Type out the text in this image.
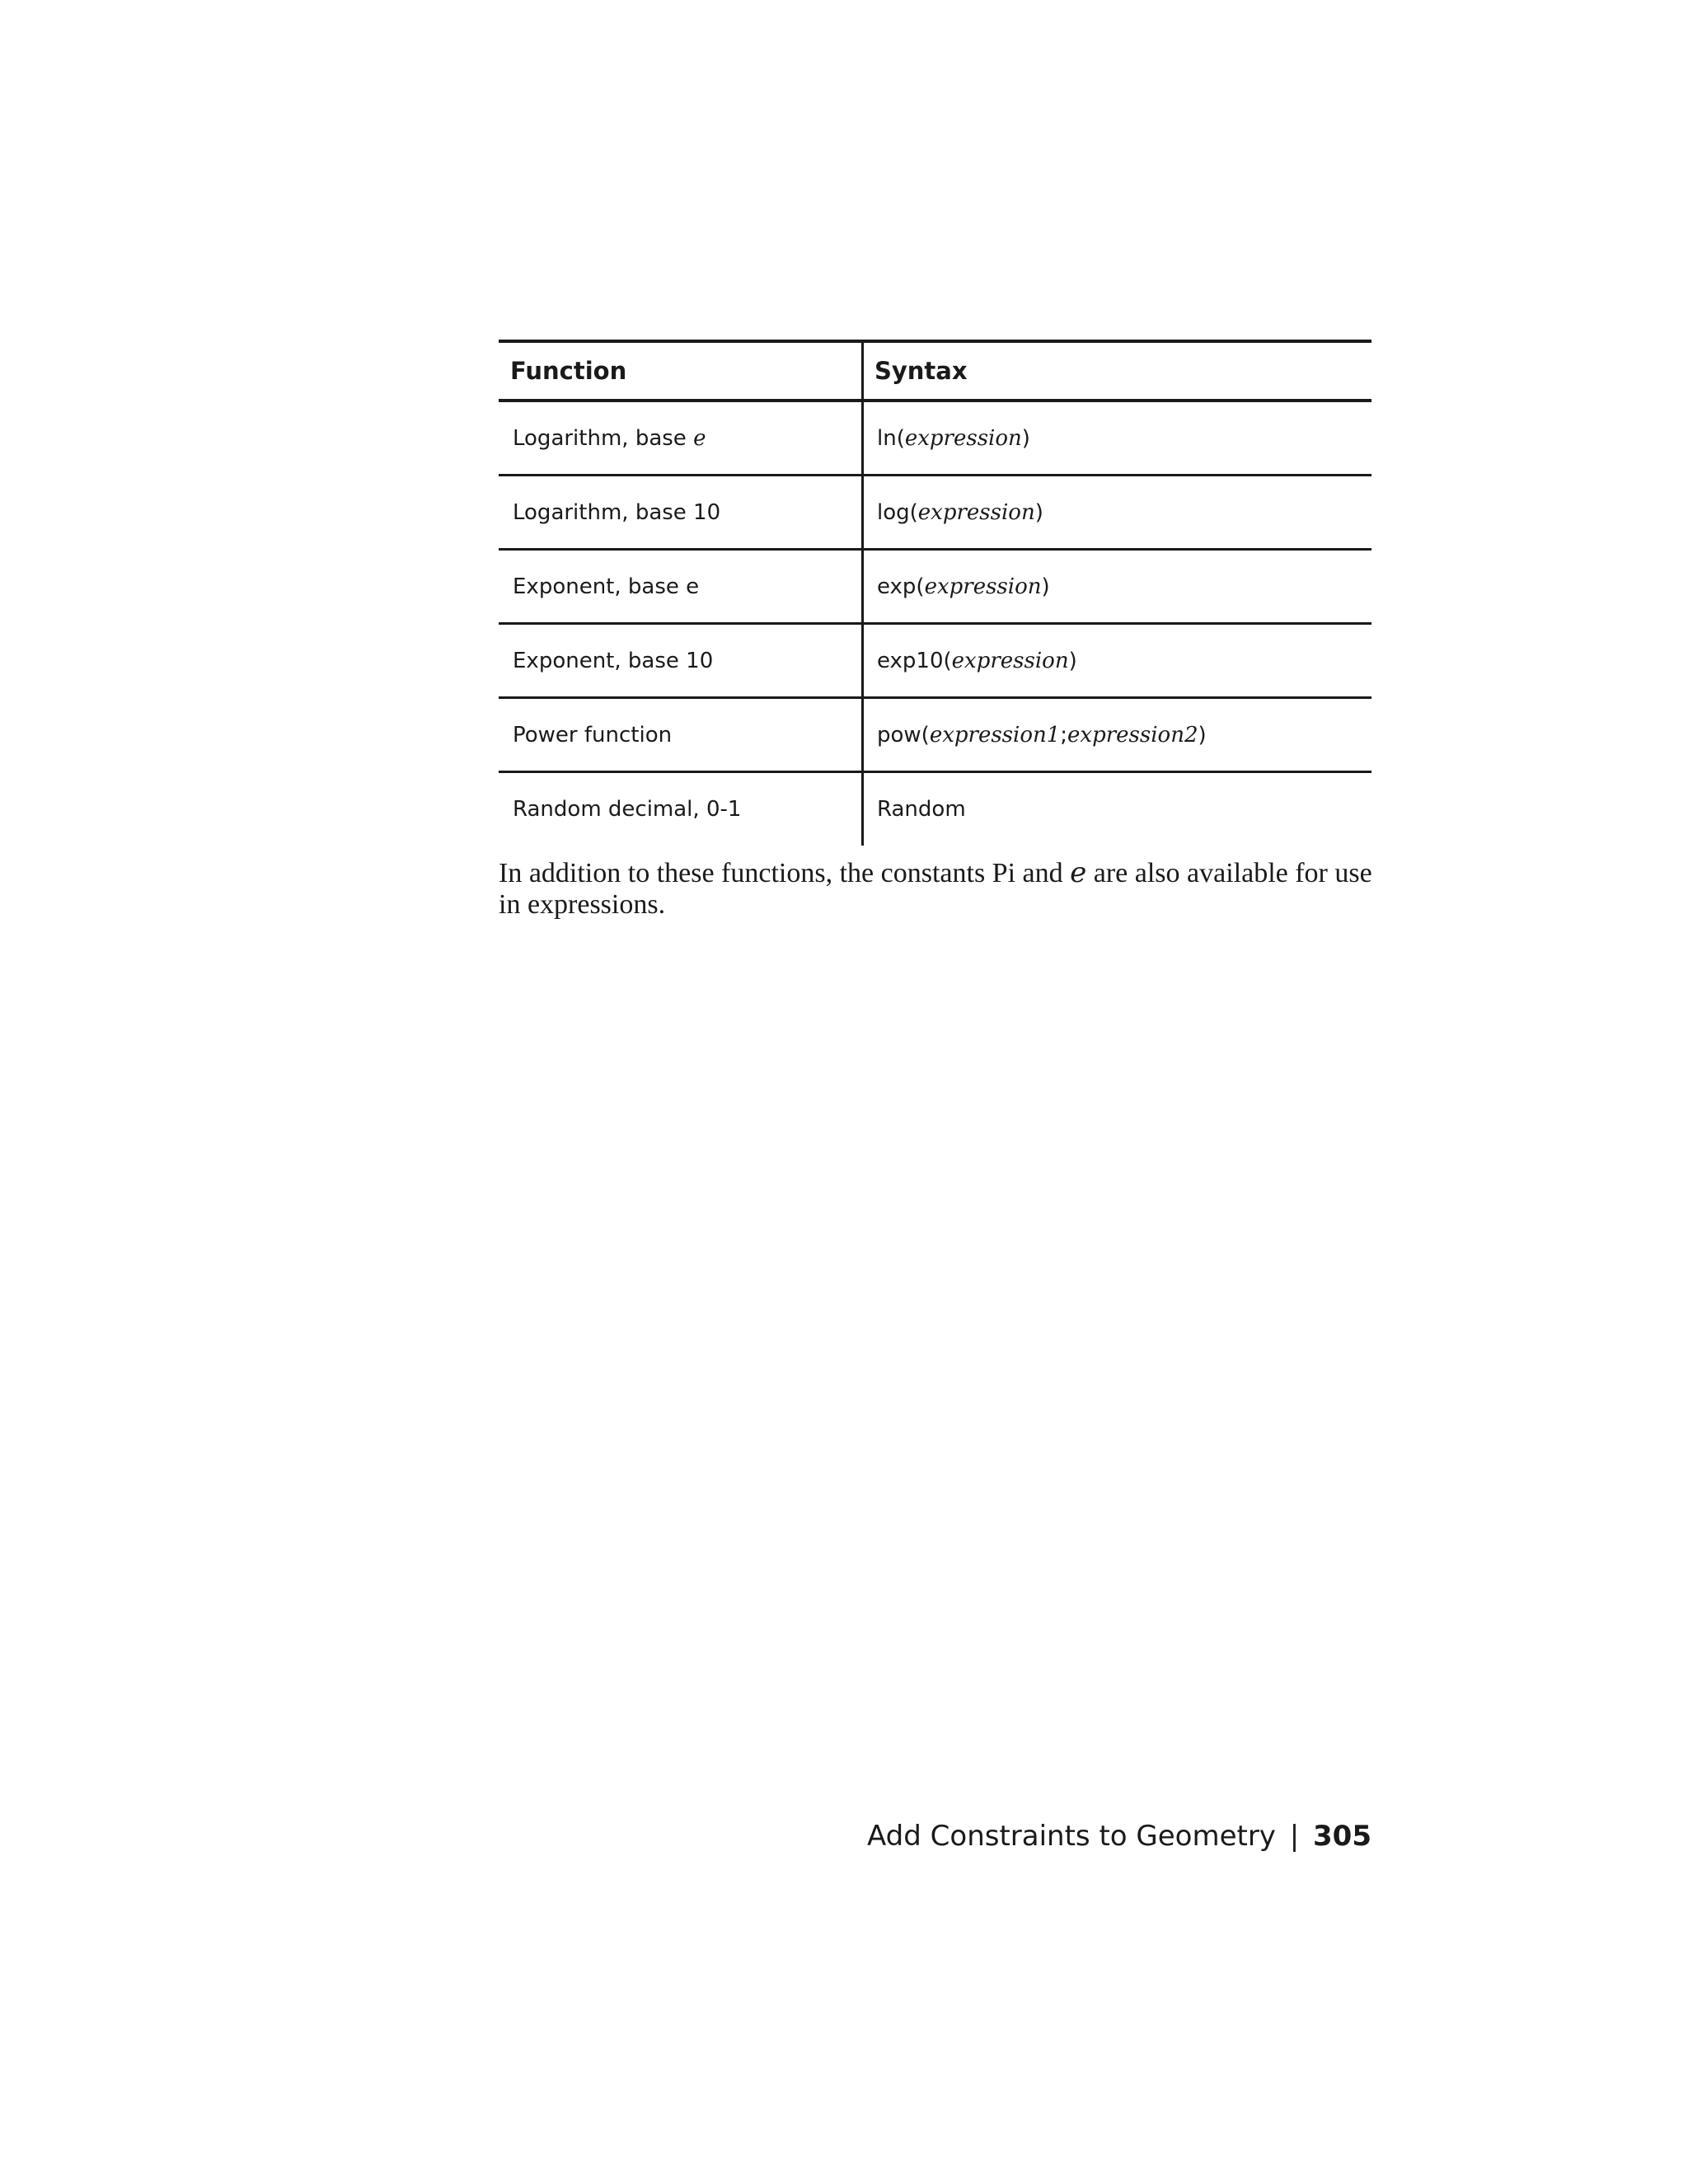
Function	Syntax
Logarithm, base e	ln(expression)
Logarithm, base 10	log(expression)
Exponent, base e	exp(expression)
Exponent, base 10	exp10(expression)
Power function	pow(expression1;expression2)
Random decimal, 0-1	Random

In addition to these functions, the constants Pi and e are also available for use in expressions.

Add Constraints to Geometry | 305
